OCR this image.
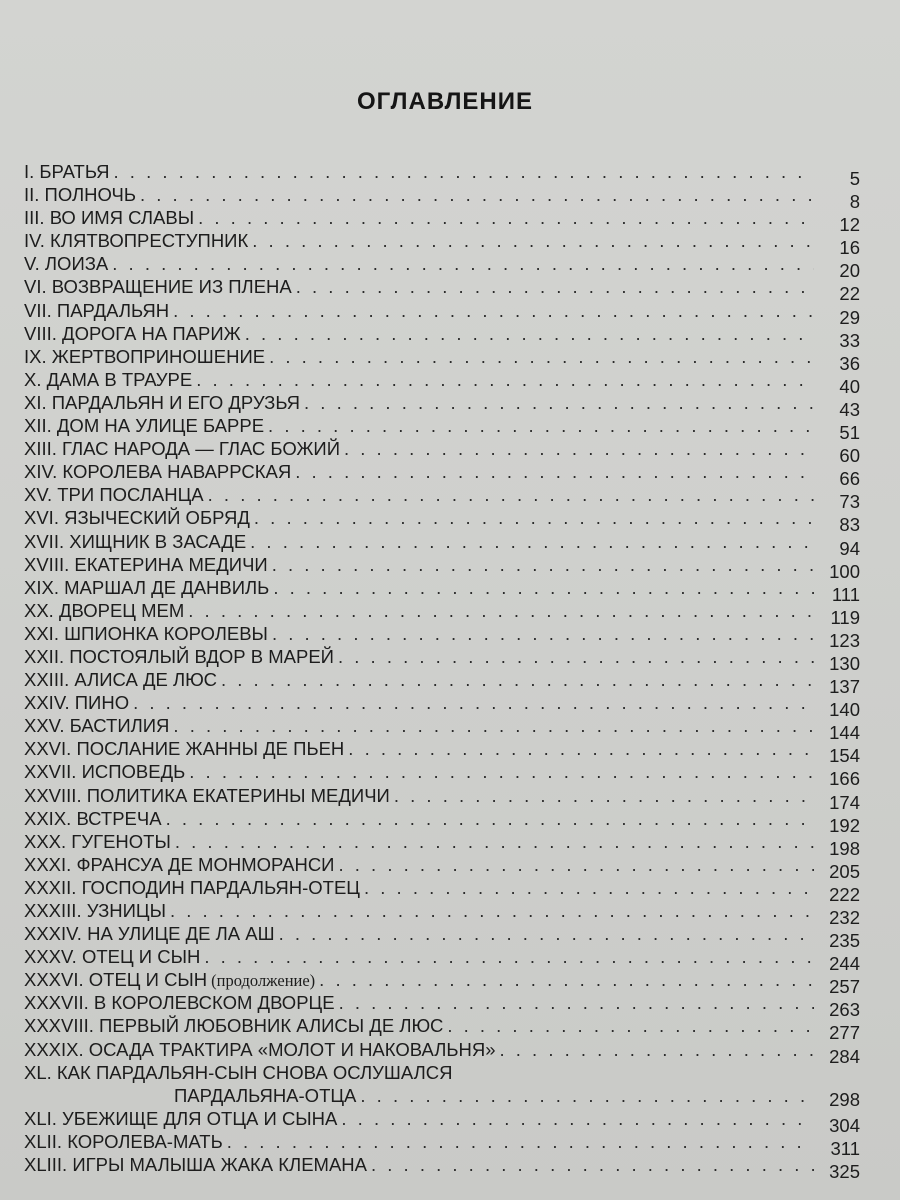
ОГЛАВЛЕНИЕ
I. БРАТЬЯ . . .	5
II. ПОЛНОЧЬ . . .	8
III. ВО ИМЯ СЛАВЫ . . .	12
IV. КЛЯТВОПРЕСТУПНИК . . .	16
V. ЛОИЗА . . .	20
VI. ВОЗВРАЩЕНИЕ ИЗ ПЛЕНА . . .	22
VII. ПАРДАЛЬЯН . . .	29
VIII. ДОРОГА НА ПАРИЖ . . .	33
IX. ЖЕРТВОПРИНОШЕНИЕ . . .	36
X. ДАМА В ТРАУРЕ . . .	40
XI. ПАРДАЛЬЯН И ЕГО ДРУЗЬЯ . . .	43
XII. ДОМ НА УЛИЦЕ БАРРЕ . . .	51
XIII. ГЛАС НАРОДА — ГЛАС БОЖИЙ . . .	60
XIV. КОРОЛЕВА НАВАРРСКАЯ . . .	66
XV. ТРИ ПОСЛАНЦА . . .	73
XVI. ЯЗЫЧЕСКИЙ ОБРЯД . . .	83
XVII. ХИЩНИК В ЗАСАДЕ . . .	94
XVIII. ЕКАТЕРИНА МЕДИЧИ . . .	100
XIX. МАРШАЛ ДЕ ДАНВИЛЬ . . .	111
XX. ДВОРЕЦ МЕМ . . .	119
XXI. ШПИОНКА КОРОЛЕВЫ . . .	123
XXII. ПОСТОЯЛЫЙ ВДОР В МАРЕЙ . . .	130
XXIII. АЛИСА ДЕ ЛЮС . . .	137
XXIV. ПИНО . . .	140
XXV. БАСТИЛИЯ . . .	144
XXVI. ПОСЛАНИЕ ЖАННЫ ДЕ ПЬЕН . . .	154
XXVII. ИСПОВЕДЬ . . .	166
XXVIII. ПОЛИТИКА ЕКАТЕРИНЫ МЕДИЧИ . . .	174
XXIX. ВСТРЕЧА . . .	192
XXX. ГУГЕНОТЫ . . .	198
XXXI. ФРАНСУА ДЕ МОНМОРАНСИ . . .	205
XXXII. ГОСПОДИН ПАРДАЛЬЯН-ОТЕЦ . . .	222
XXXIII. УЗНИЦЫ . . .	232
XXXIV. НА УЛИЦЕ ДЕ ЛА АШ . . .	235
XXXV. ОТЕЦ И СЫН . . .	244
XXXVI. ОТЕЦ И СЫН (продолжение) . . .	257
XXXVII. В КОРОЛЕВСКОМ ДВОРЦЕ . . .	263
XXXVIII. ПЕРВЫЙ ЛЮБОВНИК АЛИСЫ ДЕ ЛЮС . . .	277
XXXIX. ОСАДА ТРАКТИРА «МОЛОТ И НАКОВАЛЬНЯ» . . .	284
XL. КАК ПАРДАЛЬЯН-СЫН СНОВА ОСЛУШАЛСЯ
ПАРДАЛЬЯНА-ОТЦА . . .	298
XLI. УБЕЖИЩЕ ДЛЯ ОТЦА И СЫНА . . .	304
XLII. КОРОЛЕВА-МАТЬ . . .	311
XLIII. ИГРЫ МАЛЫША ЖАКА КЛЕМАНА . . .	325
